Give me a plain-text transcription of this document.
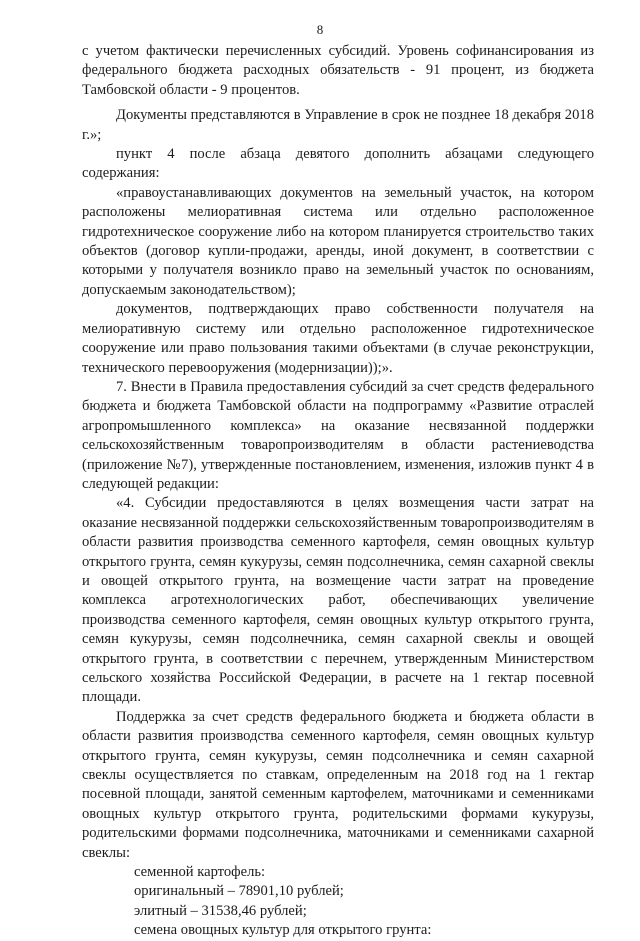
8

с учетом фактически перечисленных субсидий. Уровень софинансирования из федерального бюджета расходных обязательств - 91 процент, из бюджета Тамбовской области - 9 процентов.

Документы представляются в Управление в срок не позднее 18 декабря 2018 г.»;

пункт 4 после абзаца девятого дополнить абзацами следующего содержания:

«правоустанавливающих документов на земельный участок, на котором расположены мелиоративная система или отдельно расположенное гидротехническое сооружение либо на котором планируется строительство таких объектов (договор купли-продажи, аренды, иной документ, в соответствии с которыми у получателя возникло право на земельный участок по основаниям, допускаемым законодательством);

документов, подтверждающих право собственности получателя на мелиоративную систему или отдельно расположенное гидротехническое сооружение или право пользования такими объектами (в случае реконструкции, технического перевооружения (модернизации));».

7. Внести в Правила предоставления субсидий за счет средств федерального бюджета и бюджета Тамбовской области на подпрограмму «Развитие отраслей агропромышленного комплекса» на оказание несвязанной поддержки сельскохозяйственным товаропроизводителям в области растениеводства (приложение №7), утвержденные постановлением, изменения, изложив пункт 4 в следующей редакции:

«4. Субсидии предоставляются в целях возмещения части затрат на оказание несвязанной поддержки сельскохозяйственным товаропроизводителям в области развития производства семенного картофеля, семян овощных культур открытого грунта, семян кукурузы, семян подсолнечника, семян сахарной свеклы и овощей открытого грунта, на возмещение части затрат на проведение комплекса агротехнологических работ, обеспечивающих увеличение производства семенного картофеля, семян овощных культур открытого грунта, семян кукурузы, семян подсолнечника, семян сахарной свеклы и овощей открытого грунта, в соответствии с перечнем, утвержденным Министерством сельского хозяйства Российской Федерации, в расчете на 1 гектар посевной площади.

Поддержка за счет средств федерального бюджета и бюджета области в области развития производства семенного картофеля, семян овощных культур открытого грунта, семян кукурузы, семян подсолнечника и семян сахарной свеклы осуществляется по ставкам, определенным на 2018 год на 1 гектар посевной площади, занятой семенным картофелем, маточниками и семенниками овощных культур открытого грунта, родительскими формами кукурузы, родительскими формами подсолнечника, маточниками и семенниками сахарной свеклы:

семенной картофель:

оригинальный – 78901,10 рублей;

элитный – 31538,46 рублей;

семена овощных культур для открытого грунта:
